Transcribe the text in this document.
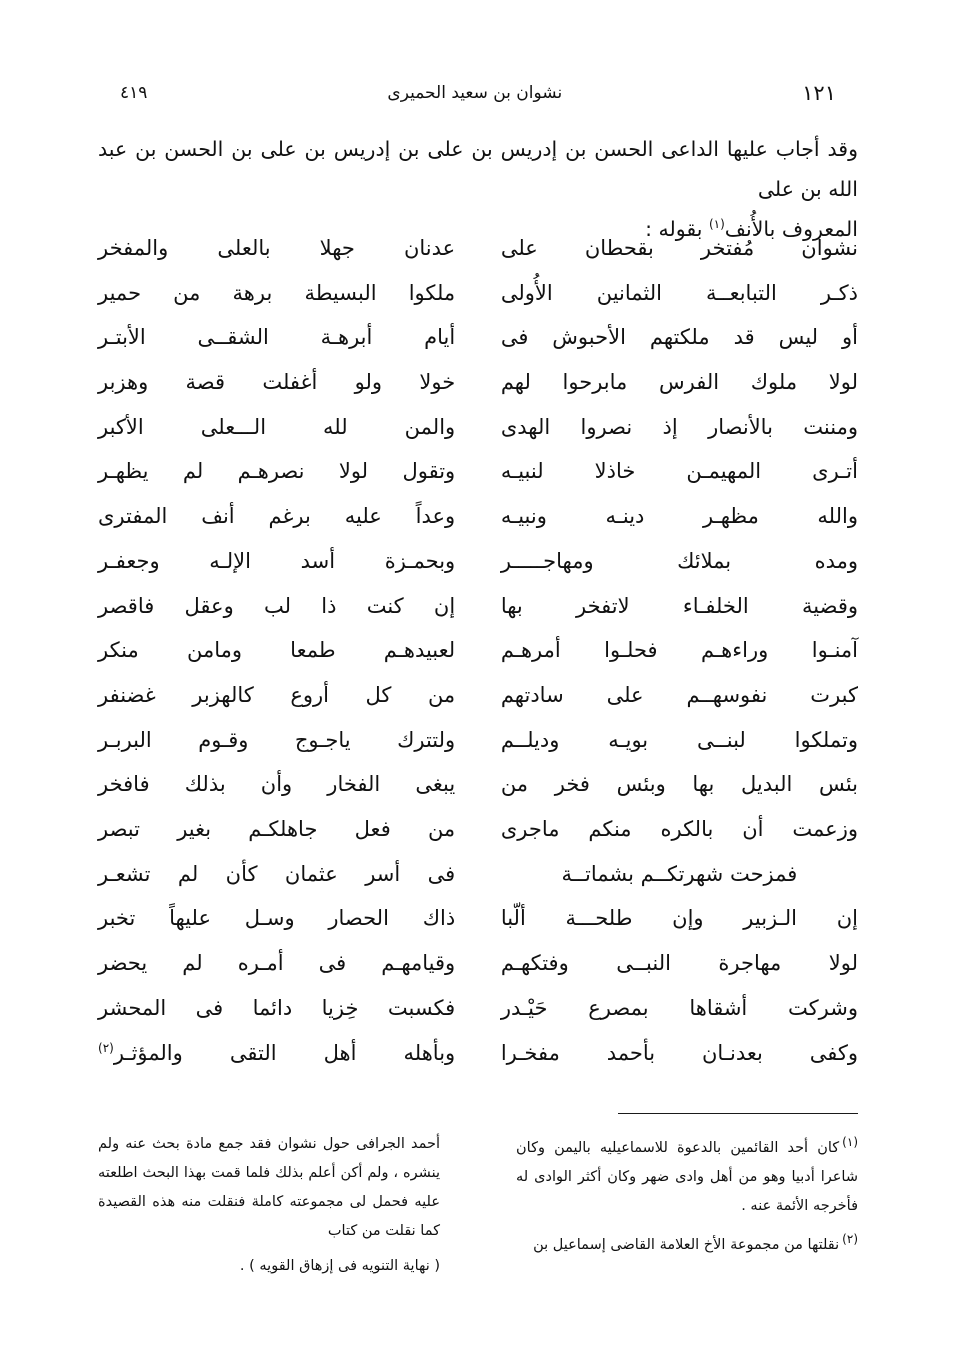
١٢١
نشوان بن سعيد الحميرى
٤١٩
وقد أجاب عليها الداعى الحسن بن إدريس بن على بن إدريس بن على بن الحسن بن عبد الله بن على
المعروف بالأُنف$^{(١)}$ بقوله :
نشوان مُفتخر بقحطان على
عدنان جهلا بالعلى والمفخر
ذكـر التبابعــة الثمانين الأُولى
ملكوا البسيطة برهة من حمير
أو ليس قد ملكتهم الأحبوش فى
أيام أبرهـة الشقــى الأبتـر
لولا ملوك الفرس مابرحوا لهم
خولا ولو أغفلت قصة وهزبر
ومننت بالأنصار إذ نصروا الهدى
والمن لله الـــعلى الأكبر
أتـرى المهيمـن خاذلا لنبيـه
وتقول لولا نصرهـم لم يظهـر
والله مظهـر دينـه ونبيـه
وعداً عليه برغم أنف المفترى
ومده بملائك ومهاجـــــر
وبحمـزة أسد الإلـه وجعفـر
وقضية الخلفـاء لاتفخر بها
إن كنت ذا لب وعقل فاقصر
آمنـوا وراءهـم فحلـوا أمرهـم
لعبيدهـم طمعا ومامن منكر
كبرت نفوسهــم على سادتهم
من كل أروع كالهزبر غضنفر
وتملكوا لبنــى بويـه وديلــم
ولتترك ياجـوج وقـوم البربـر
بئس البديل بها وبئس فخر من
يبغى الفخار وأن بذلك فافخر
وزعمت أن بالكره منكم ماجرى
من فعل جاهلكـم بغير تبصر
فمزحت شهرتكــم بشماتــة
فى أسر عثمان كأن لم تشعـر
إن الـزبير وإن طلحـــة ألّبا
ذاك الحصار وسـل عليهاً تخبر
لولا مهاجرة النبــى وفتكهـم
وقيامهـم فى أمـره لم يحضر
وشركت أشقاها بمصرع حَيْـدر
فكسبت خِزيا دائما فى المحشر
وكفى بعدنـان بأحمد مفخـرا
وبأهله أهل التقى والمؤثـر$^{(٢)}$

$^{(١)}$كان أحد القائمين بالدعوة للاسماعيليه باليمن وكان شاعرا أدبيا وهو من أهل وادى ضهر وكان أكثر الوادى له فأخرجه الأئمة عنه .

$^{(٢)}$نقلتها من مجموعة الأخ العلامة القاضى إسماعيل بن

أحمد الجرافى حول نشوان فقد جمع مادة بحث عنه ولم ينشره ، ولم أكن أعلم بذلك فلما قمت بهذا البحث اطلعته عليه فحمل لى مجموعته كاملة فنقلت منه هذه القصيدة كما نقلت من كتاب

( نهاية التنويه فى إزهاق القويه ) .
